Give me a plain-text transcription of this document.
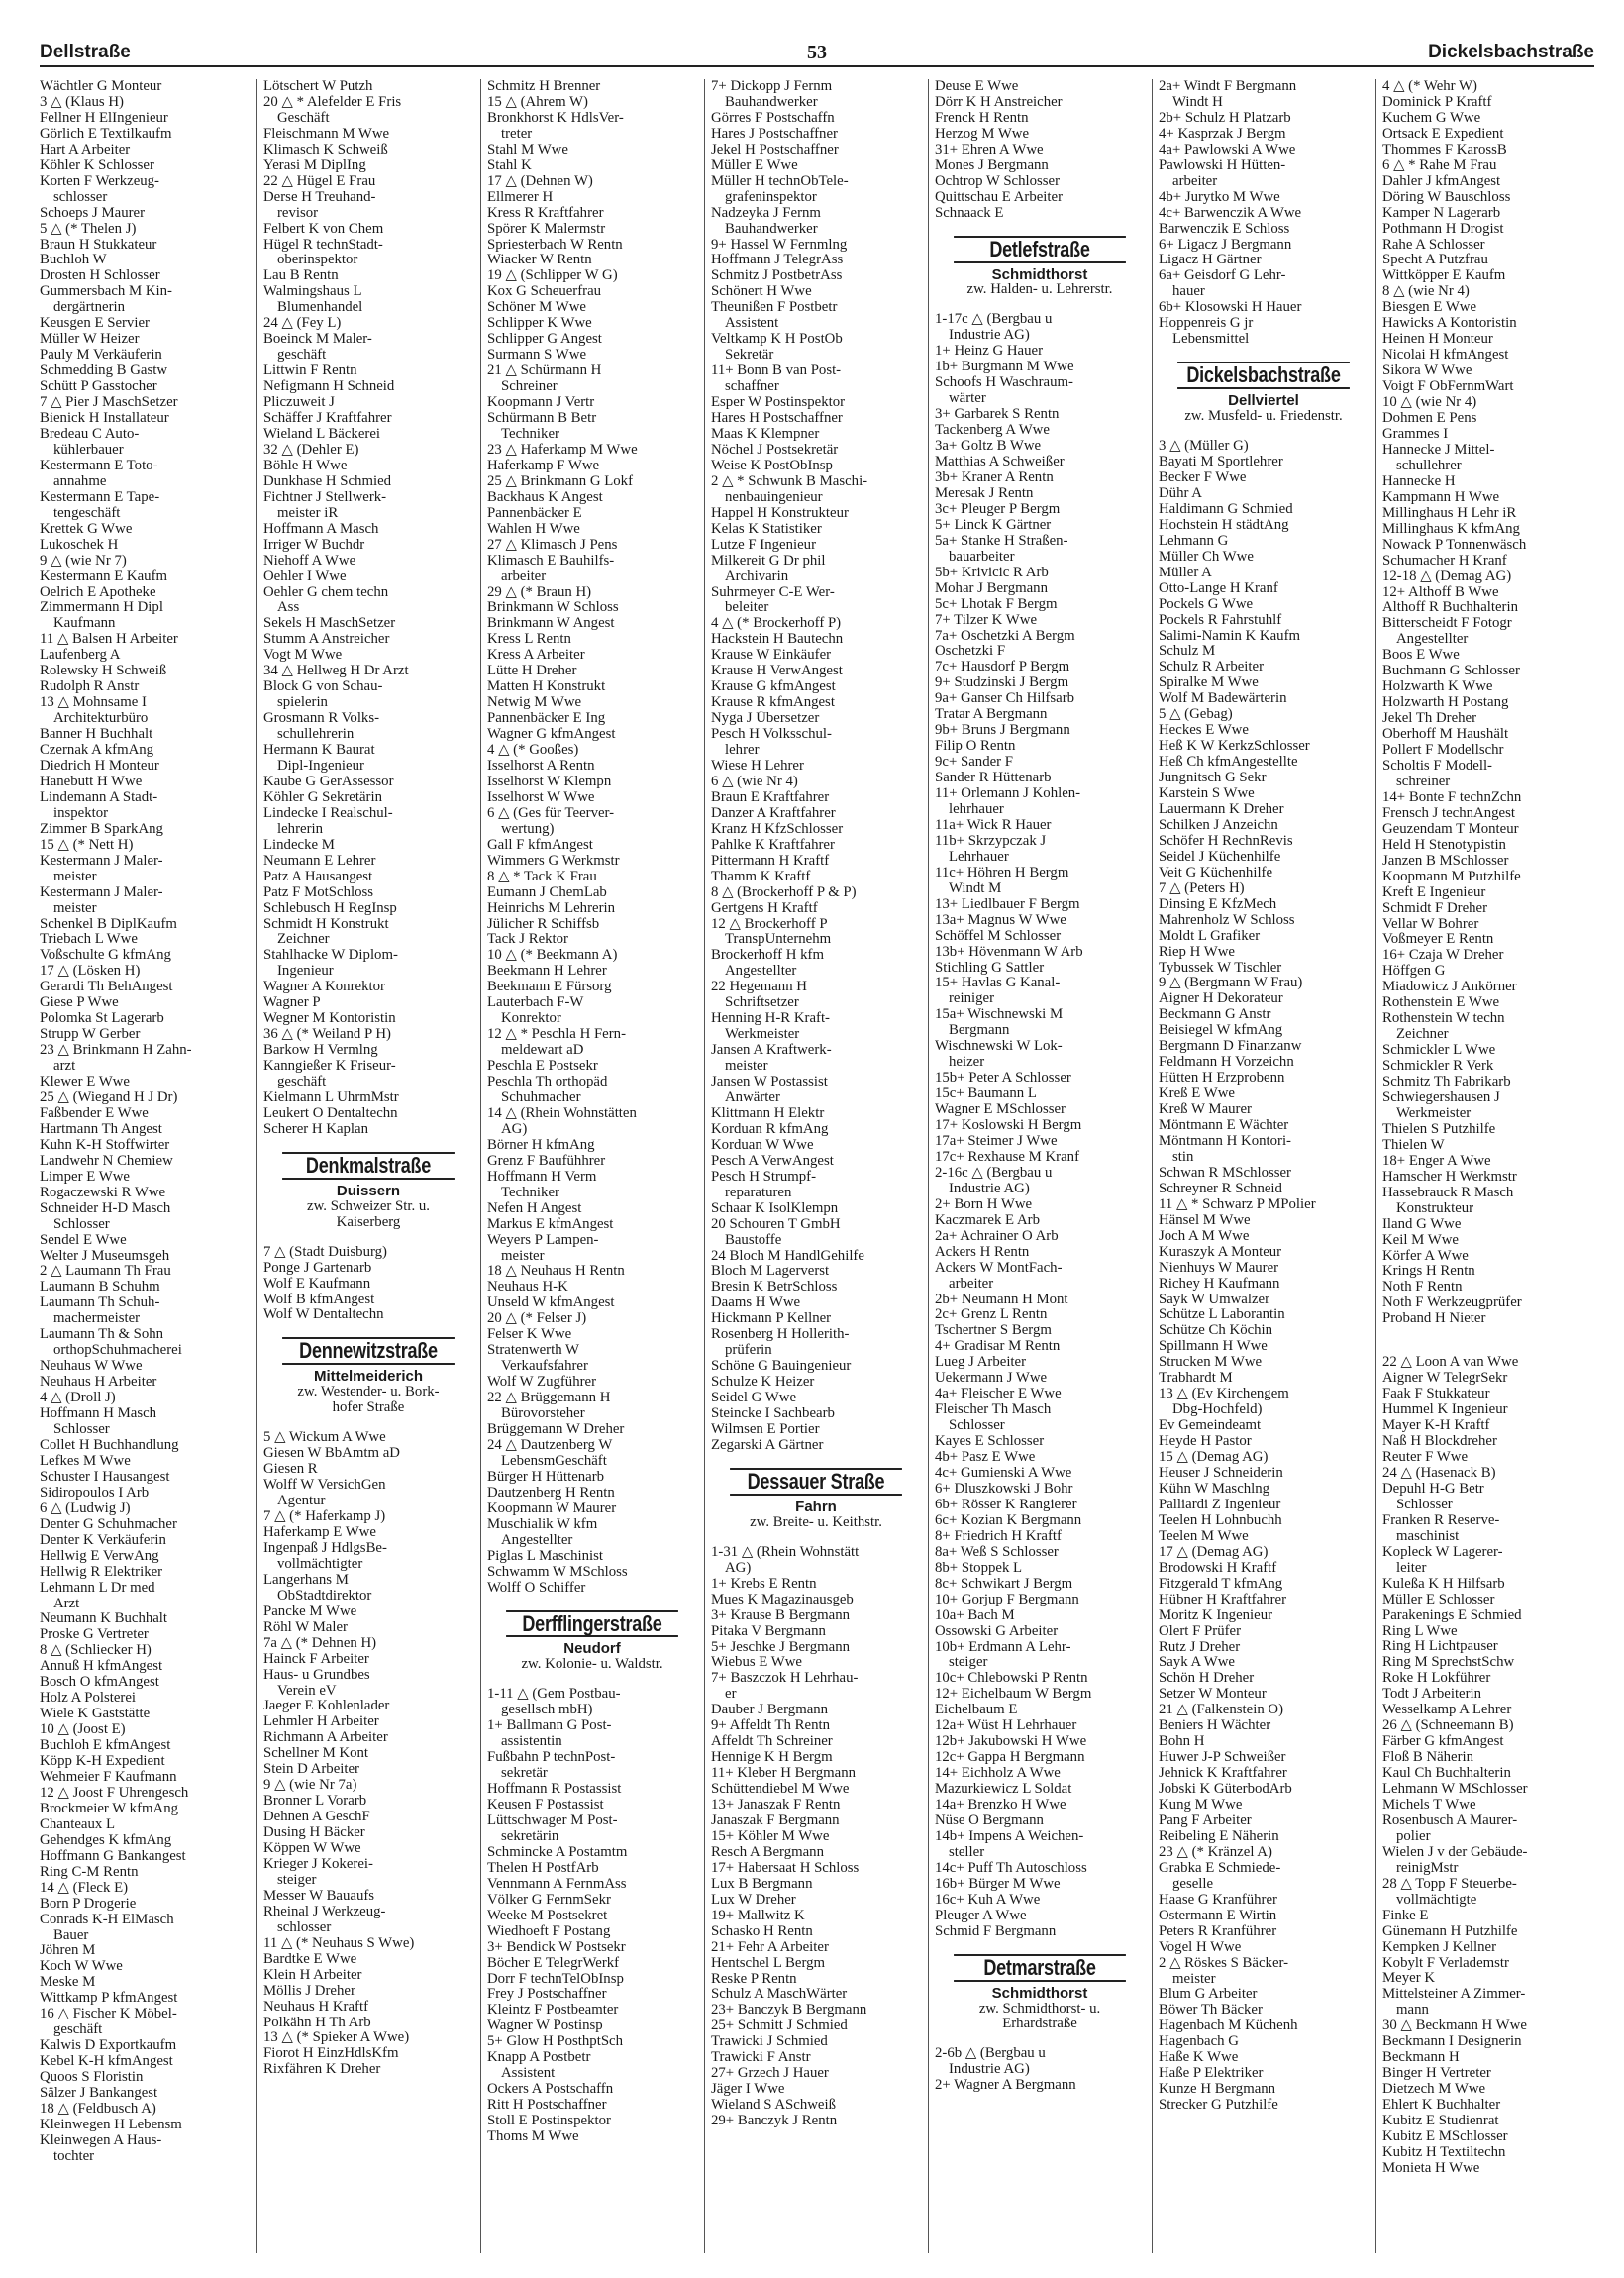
Dellstraße	53	Dickelsbachstraße
Wächtler G Monteur
3 △ (Klaus H)
Fellner H ElIngenieur
Görlich E Textilkaufm
Hart A Arbeiter
Köhler K Schlosser
Korten F Werkzeug-
schlosser
Schoeps J Maurer
5 △ (* Thelen J)
Braun H Stukkateur
Buchloh W
Drosten H Schlosser
Gummersbach M Kin-
dergärtnerin
Keusgen E Servier
Müller W Heizer
Pauly M Verkäuferin
Schmedding B Gastw
Schütt P Gasstocher
7 △ Pier J MaschSetzer
Bienick H Installateur
Bredeau C Auto-
kühlerbauer
Kestermann E Toto-
annahme
Kestermann E Tape-
tengeschäft
Krettek G Wwe
Lukoschek H
9 △ (wie Nr 7)
Kestermann E Kaufm
Oelrich E Apotheke
Zimmermann H Dipl
Kaufmann
11 △ Balsen H Arbeiter
Laufenberg A
Rolewsky H Schweiß
Rudolph R Anstr
13 △ Mohnsame I
Architekturbüro
Banner H Buchhalt
Czernak A kfmAng
Diedrich H Monteur
Hanebutt H Wwe
Lindemann A Stadt-
inspektor
Zimmer B SparkAng
15 △ (* Nett H)
Kestermann J Maler-
meister
Kestermann J Maler-
meister
Schenkel B DiplKaufm
Triebach L Wwe
Voßschulte G kfmAng
17 △ (Lösken H)
Gerardi Th BehAngest
Giese P Wwe
Polomka St Lagerarb
Strupp W Gerber
23 △ Brinkmann H Zahn-
arzt
Klewer E Wwe
25 △ (Wiegand H J Dr)
Faßbender E Wwe
Hartmann Th Angest
Kuhn K-H Stoffwirter
Landwehr N Chemiew
Limper E Wwe
Rogaczewski R Wwe
Schneider H-D Masch
Schlosser
Sendel E Wwe
Welter J Museumsgeh
2 △ Laumann Th Frau
Laumann B Schuhm
Laumann Th Schuh-
machermeister
Laumann Th & Sohn
orthopSchuhmacherei
Neuhaus W Wwe
Neuhaus H Arbeiter
4 △ (Droll J)
Hoffmann H Masch
Schlosser
Collet H Buchhandlung
Lefkes M Wwe
Schuster I Hausangest
Sidiropoulos I Arb
6 △ (Ludwig J)
Denter G Schuhmacher
Denter K Verkäuferin
Hellwig E VerwAng
Hellwig R Elektriker
Lehmann L Dr med
Arzt
Neumann K Buchhalt
Proske G Vertreter
8 △ (Schliecker H)
Annuß H kfmAngest
Bosch O kfmAngest
Holz A Polsterei
Wiele K Gaststätte
10 △ (Joost E)
Buchloh E kfmAngest
Köpp K-H Expedient
Wehmeier F Kaufmann
12 △ Joost F Uhrengesch
Brockmeier W kfmAng
Chanteaux L
Gehendges K kfmAng
Hoffmann G Bankangest
Ring C-M Rentn
14 △ (Fleck E)
Born P Drogerie
Conrads K-H ElMasch
Bauer
Jöhren M
Koch W Wwe
Meske M
Wittkamp P kfmAngest
16 △ Fischer K Möbel-
geschäft
Kalwis D Exportkaufm
Kebel K-H kfmAngest
Quoos S Floristin
Sälzer J Bankangest
18 △ (Feldbusch A)
Kleinwegen H Lebensm
Kleinwegen A Haus-
tochter
Lötschert W Putzh
20 △ * Alefelder E Fris
Geschäft
Fleischmann M Wwe
Klimasch K Schweiß
Yerasi M DiplIng
22 △ Hügel E Frau
Derse H Treuhand-
revisor
Felbert K von Chem
Hügel R technStadt-
oberinspektor
Lau B Rentn
Walmingshaus L
Blumenhandel
24 △ (Fey L)
Boeinck M Maler-
geschäft
Littwin F Rentn
Nefigmann H Schneid
Pliczuweit J
Schäffer J Kraftfahrer
Wieland L Bäckerei
32 △ (Dehler E)
Böhle H Wwe
Dunkhase H Schmied
Fichtner J Stellwerk-
meister iR
Hoffmann A Masch
Irriger W Buchdr
Niehoff A Wwe
Oehler I Wwe
Oehler G chem techn
Ass
Sekels H MaschSetzer
Stumm A Anstreicher
Vogt M Wwe
34 △ Hellweg H Dr Arzt
Block G von Schau-
spielerin
Grosmann R Volks-
schullehrerin
Hermann K Baurat
Dipl-Ingenieur
Kaube G GerAssessor
Köhler G Sekretärin
Lindecke I Realschul-
lehrerin
Lindecke M
Neumann E Lehrer
Patz A Hausangest
Patz F MotSchloss
Schlebusch H RegInsp
Schmidt H Konstrukt
Zeichner
Stahlhacke W Diplom-
Ingenieur
Wagner A Konrektor
Wagner P
Wegner M Kontoristin
36 △ (* Weiland P H)
Barkow H Vermlng
Kanngießer K Friseur-
geschäft
Kielmann L UhrmMstr
Leukert O Dentaltechn
Scherer H Kaplan
Denkmalstraße
Duissern
zw. Schweizer Str. u.
Kaiserberg
7 △ (Stadt Duisburg)
Ponge J Gartenarb
Wolf E Kaufmann
Wolf B kfmAngest
Wolf W Dentaltechn
Dennewitzstraße
Mittelmeiderich
zw. Westender- u. Bork-
hofer Straße
5 △ Wickum A Wwe
Giesen W BbAmtm aD
Giesen R
Wolff W VersichGen
Agentur
7 △ (* Haferkamp J)
Haferkamp E Wwe
Ingenpaß J HdlgsBe-
vollmächtigter
Langerhans M
ObStadtdirektor
Pancke M Wwe
Röhl W Maler
7a △ (* Dehnen H)
Hainck F Arbeiter
Haus- u Grundbes
Verein eV
Jaeger E Kohlenlader
Lehmler H Arbeiter
Richmann A Arbeiter
Schellner M Kont
Stein D Arbeiter
9 △ (wie Nr 7a)
Bronner L Vorarb
Dehnen A GeschF
Dusing H Bäcker
Köppen W Wwe
Krieger J Kokerei-
steiger
Messer W Bauaufs
Rheinal J Werkzeug-
schlosser
11 △ (* Neuhaus S Wwe)
Bardtke E Wwe
Klein H Arbeiter
Möllis J Dreher
Neuhaus H Kraftf
Polkähn H Th Arb
13 △ (* Spieker A Wwe)
Fiorot H EinzHdlsKfm
Rixfähren K Dreher
Schmitz H Brenner
15 △ (Ahrem W)
Bronkhorst K HdlsVer-
treter
Stahl M Wwe
Stahl K
17 △ (Dehnen W)
Ellmerer H
Kress R Kraftfahrer
Spörer K Malermstr
Spriesterbach W Rentn
Wiacker W Rentn
19 △ (Schlipper W G)
Kox G Scheuerfrau
Schöner M Wwe
Schlipper K Wwe
Schlipper G Angest
Surmann S Wwe
21 △ Schürmann H
Schreiner
Koopmann J Vertr
Schürmann B Betr
Techniker
23 △ Haferkamp M Wwe
Haferkamp F Wwe
25 △ Brinkmann G Lokf
Backhaus K Angest
Pannenbäcker E
Wahlen H Wwe
27 △ Klimasch J Pens
Klimasch E Bauhilfs-
arbeiter
29 △ (* Braun H)
Brinkmann W Schloss
Brinkmann W Angest
Kress L Rentn
Kress A Arbeiter
Lütte H Dreher
Matten H Konstrukt
Netwig M Wwe
Pannenbäcker E Ing
Wagner G kfmAngest
4 △ (* Gooßes)
Isselhorst A Rentn
Isselhorst W Klempn
Isselhorst W Wwe
6 △ (Ges für Teerver-
wertung)
Gall F kfmAngest
Wimmers G Werkmstr
8 △ * Tack K Frau
Eumann J ChemLab
Heinrichs M Lehrerin
Jülicher R Schiffsb
Tack J Rektor
10 △ (* Beekmann A)
Beekmann H Lehrer
Beekmann E Fürsorg
Lauterbach F-W
Konrektor
12 △ * Peschla H Fern-
meldewart aD
Peschla E Postsekr
Peschla Th orthopäd
Schuhmacher
14 △ (Rhein Wohnstätten
AG)
Börner H kfmAng
Grenz F Baufühhrer
Hoffmann H Verm
Techniker
Nefen H Angest
Markus E kfmAngest
Weyers P Lampen-
meister
18 △ Neuhaus H Rentn
Neuhaus H-K
Unseld W kfmAngest
20 △ (* Felser J)
Felser K Wwe
Stratenwerth W
Verkaufsfahrer
Wolf W Zugführer
22 △ Brüggemann H
Bürovorsteher
Brüggemann W Dreher
24 △ Dautzenberg W
LebensmGeschäft
Bürger H Hüttenarb
Dautzenberg H Rentn
Koopmann W Maurer
Muschialik W kfm
Angestellter
Piglas L Maschinist
Schwamm W MSchloss
Wolff O Schiffer
Derfflingerstraße
Neudorf
zw. Kolonie- u. Waldstr.
1-11 △ (Gem Postbau-
gesellsch mbH)
1+ Ballmann G Post-
assistentin
Fußbahn P technPost-
sekretär
Hoffmann R Postassist
Keusen F Postassist
Lüttschwager M Post-
sekretärin
Schmincke A Postamtm
Thelen H PostfArb
Vennmann A FernmAss
Völker G FernmSekr
Weeke M Postsekret
Wiedhoeft F Postang
3+ Bendick W Postsekr
Böcher E TelegrWerkf
Dorr F technTelObInsp
Frey J Postschaffner
Kleintz F Postbeamter
Wagner W Postinsp
5+ Glow H PosthptSch
Knapp A Postbetr
Assistent
Ockers A Postschaffn
Ritt H Postschaffner
Stoll E Postinspektor
Thoms M Wwe
7+ Dickopp J Fernm
Bauhandwerker
Görres F Postschaffn
Hares J Postschaffner
Jekel H Postschaffner
Müller E Wwe
Müller H technObTele-
grafeninspektor
Nadzeyka J Fernm
Bauhandwerker
9+ Hassel W Fernmlng
Hoffmann J TelegrAss
Schmitz J PostbetrAss
Schönert H Wwe
Theunißen F Postbetr
Assistent
Veltkamp K H PostOb
Sekretär
11+ Bonn B van Post-
schaffner
Esper W Postinspektor
Hares H Postschaffner
Maas K Klempner
Nöchel J Postsekretär
Weise K PostObInsp
2 △ * Schwunk B Maschi-
nenbauingenieur
Happel H Konstrukteur
Kelas K Statistiker
Lutze F Ingenieur
Milkereit G Dr phil
Archivarin
Suhrmeyer C-E Wer-
beleiter
4 △ (* Brockerhoff P)
Hackstein H Bautechn
Krause W Einkäufer
Krause H VerwAngest
Krause G kfmAngest
Krause R kfmAngest
Nyga J Übersetzer
Pesch H Volksschul-
lehrer
Wiese H Lehrer
6 △ (wie Nr 4)
Braun E Kraftfahrer
Danzer A Kraftfahrer
Kranz H KfzSchlosser
Pahlke K Kraftfahrer
Pittermann H Kraftf
Thamm K Kraftf
8 △ (Brockerhoff P & P)
Gertgens H Kraftf
12 △ Brockerhoff P
TranspUnternehm
Brockerhoff H kfm
Angestellter
22 Hegemann H
Schriftsetzer
Henning H-R Kraft-
Werkmeister
Jansen A Kraftwerk-
meister
Jansen W Postassist
Anwärter
Klittmann H Elektr
Korduan R kfmAng
Korduan W Wwe
Pesch A VerwAngest
Pesch H Strumpf-
reparaturen
Schaar K IsolKlempn
20 Schouren T GmbH
Baustoffe
24 Bloch M HandlGehilfe
Bloch M Lagerverst
Bresin K BetrSchloss
Daams H Wwe
Hickmann P Kellner
Rosenberg H Hollerith-
prüferin
Schöne G Bauingenieur
Schulze K Heizer
Seidel G Wwe
Steincke I Sachbearb
Wilmsen E Portier
Zegarski A Gärtner
Dessauer Straße
Fahrn
zw. Breite- u. Keithstr.
1-31 △ (Rhein Wohnstätt
AG)
1+ Krebs E Rentn
Mues K Magazinausgeb
3+ Krause B Bergmann
Pitaka V Bergmann
5+ Jeschke J Bergmann
Wiebus E Wwe
7+ Baszczok H Lehrhau-
er
Dauber J Bergmann
9+ Affeldt Th Rentn
Affeldt Th Schreiner
Hennige K H Bergm
11+ Kleber H Bergmann
Schüttendiebel M Wwe
13+ Janaszak F Rentn
Janaszak F Bergmann
15+ Köhler M Wwe
Resch A Bergmann
17+ Habersaat H Schloss
Lux B Bergmann
Lux W Dreher
19+ Mallwitz K
Schasko H Rentn
21+ Fehr A Arbeiter
Hentschel L Bergm
Reske P Rentn
Schulz A MaschWärter
23+ Banczyk B Bergmann
25+ Schmitt J Schmied
Trawicki J Schmied
Trawicki F Anstr
27+ Grzech J Hauer
Jäger I Wwe
Wieland S ASchweiß
29+ Banczyk J Rentn
Deuse E Wwe
Dörr K H Anstreicher
Frenck H Rentn
Herzog M Wwe
31+ Ehren A Wwe
Mones J Bergmann
Ochtrop W Schlosser
Quittschau E Arbeiter
Schnaack E
Detlefstraße
Schmidthorst
zw. Halden- u. Lehrerstr.
1-17c △ (Bergbau u
Industrie AG)
1+ Heinz G Hauer
1b+ Burgmann M Wwe
Schoofs H Waschraum-
wärter
3+ Garbarek S Rentn
Tackenberg A Wwe
3a+ Goltz B Wwe
Matthias A Schweißer
3b+ Kraner A Rentn
Meresak J Rentn
3c+ Pleuger P Bergm
5+ Linck K Gärtner
5a+ Stanke H Straßen-
bauarbeiter
5b+ Krivicic R Arb
Mohar J Bergmann
5c+ Lhotak F Bergm
7+ Tilzer K Wwe
7a+ Oschetzki A Bergm
Oschetzki F
7c+ Hausdorf P Bergm
9+ Studzinski J Bergm
9a+ Ganser Ch Hilfsarb
Tratar A Bergmann
9b+ Bruns J Bergmann
Filip O Rentn
9c+ Sander F
Sander R Hüttenarb
11+ Orlemann J Kohlen-
lehrhauer
11a+ Wick R Hauer
11b+ Skrzypczak J
Lehrhauer
11c+ Höhren H Bergm
Windt M
13+ Liedlbauer F Bergm
13a+ Magnus W Wwe
Schöffel M Schlosser
13b+ Hövenmann W Arb
Stichling G Sattler
15+ Havlas G Kanal-
reiniger
15a+ Wischnewski M
Bergmann
Wischnewski W Lok-
heizer
15b+ Peter A Schlosser
15c+ Baumann L
Wagner E MSchlosser
17+ Koslowski H Bergm
17a+ Steimer J Wwe
17c+ Rexhause M Kranf
2-16c △ (Bergbau u
Industrie AG)
2+ Born H Wwe
Kaczmarek E Arb
2a+ Achrainer O Arb
Ackers H Rentn
Ackers W MontFach-
arbeiter
2b+ Neumann H Mont
2c+ Grenz L Rentn
Tschertner S Bergm
4+ Gradisar M Rentn
Lueg J Arbeiter
Uekermann J Wwe
4a+ Fleischer E Wwe
Fleischer Th Masch
Schlosser
Kayes E Schlosser
4b+ Pasz E Wwe
4c+ Gumienski A Wwe
6+ Dluszkowski J Bohr
6b+ Rösser K Rangierer
6c+ Kozian K Bergmann
8+ Friedrich H Kraftf
8a+ Weß S Schlosser
8b+ Stoppek L
8c+ Schwikart J Bergm
10+ Gorjup F Bergmann
10a+ Bach M
Ossowski G Arbeiter
10b+ Erdmann A Lehr-
steiger
10c+ Chlebowski P Rentn
12+ Eichelbaum W Bergm
Eichelbaum E
12a+ Wüst H Lehrhauer
12b+ Jakubowski H Wwe
12c+ Gappa H Bergmann
14+ Eichholz A Wwe
Mazurkiewicz L Soldat
14a+ Brenzko H Wwe
Nüse O Bergmann
14b+ Impens A Weichen-
steller
14c+ Puff Th Autoschloss
16b+ Bürger M Wwe
16c+ Kuh A Wwe
Pleuger A Wwe
Schmid F Bergmann
Detmarstraße
Schmidthorst
zw. Schmidthorst- u.
Erhardstraße
2-6b △ (Bergbau u
Industrie AG)
2+ Wagner A Bergmann
2a+ Windt F Bergmann
Windt H
2b+ Schulz H Platzarb
4+ Kasprzak J Bergm
4a+ Pawlowski A Wwe
Pawlowski H Hütten-
arbeiter
4b+ Jurytko M Wwe
4c+ Barwenczik A Wwe
Barwenczik E Schloss
6+ Ligacz J Bergmann
Ligacz H Gärtner
6a+ Geisdorf G Lehr-
hauer
6b+ Klosowski H Hauer
Hoppenreis G jr
Lebensmittel
Dickelsbachstraße
Dellviertel
zw. Musfeld- u. Friedenstr.
3 △ (Müller G)
Bayati M Sportlehrer
Becker F Wwe
Dühr A
Haldimann G Schmied
Hochstein H städtAng
Lehmann G
Müller Ch Wwe
Müller A
Otto-Lange H Kranf
Pockels G Wwe
Pockels R Fahrstuhlf
Salimi-Namin K Kaufm
Schulz M
Schulz R Arbeiter
Spiralke M Wwe
Wolf M Badewärterin
5 △ (Gebag)
Heckes E Wwe
Heß K W KerkzSchlosser
Heß Ch kfmAngestellte
Jungnitsch G Sekr
Karstein S Wwe
Lauermann K Dreher
Schilken J Anzeichn
Schöfer H RechnRevis
Seidel J Küchenhilfe
Veit G Küchenhilfe
7 △ (Peters H)
Dinsing E KfzMech
Mahrenholz W Schloss
Moldt L Grafiker
Riep H Wwe
Tybussek W Tischler
9 △ (Bergmann W Frau)
Aigner H Dekorateur
Beckmann G Anstr
Beisiegel W kfmAng
Bergmann D Finanzanw
Feldmann H Vorzeichn
Hütten H Erzprobenn
Kreß E Wwe
Kreß W Maurer
Möntmann E Wächter
Möntmann H Kontori-
stin
Schwan R MSchlosser
Schreyner R Schneid
11 △ * Schwarz P MPolier
Hänsel M Wwe
Joch A M Wwe
Kuraszyk A Monteur
Nienhuys W Maurer
Richey H Kaufmann
Sayk W Umwalzer
Schütze L Laborantin
Schütze Ch Köchin
Spillmann H Wwe
Strucken M Wwe
Trabhardt M
13 △ (Ev Kirchengem
Dbg-Hochfeld)
Ev Gemeindeamt
Heyde H Pastor
15 △ (Demag AG)
Heuser J Schneiderin
Kühn W Maschlng
Palliardi Z Ingenieur
Teelen H Lohnbuchh
Teelen M Wwe
17 △ (Demag AG)
Brodowski H Kraftf
Fitzgerald T kfmAng
Hübner H Kraftfahrer
Moritz K Ingenieur
Olert F Prüfer
Rutz J Dreher
Sayk A Wwe
Schön H Dreher
Setzer W Monteur
21 △ (Falkenstein O)
Beniers H Wächter
Bohn H
Huwer J-P Schweißer
Jehnick K Kraftfahrer
Jobski K GüterbodArb
Kung M Wwe
Pang F Arbeiter
Reibeling E Näherin
23 △ (* Kränzel A)
Grabka E Schmiede-
geselle
Haase G Kranführer
Ostermann E Wirtin
Peters R Kranführer
Vogel H Wwe
2 △ Röskes S Bäcker-
meister
Blum G Arbeiter
Böwer Th Bäcker
Hagenbach M Küchenh
Hagenbach G
Haße K Wwe
Haße P Elektriker
Kunze H Bergmann
Strecker G Putzhilfe
4 △ (* Wehr W)
Dominick P Kraftf
Kuchem G Wwe
Ortsack E Expedient
Thommes F KarossB
6 △ * Rahe M Frau
Dahler J kfmAngest
Döring W Bauschloss
Kamper N Lagerarb
Pothmann H Drogist
Rahe A Schlosser
Specht A Putzfrau
Wittköpper E Kaufm
8 △ (wie Nr 4)
Biesgen E Wwe
Hawicks A Kontoristin
Heinen H Monteur
Nicolai H kfmAngest
Sikora W Wwe
Voigt F ObFernmWart
10 △ (wie Nr 4)
Dohmen E Pens
Grammes I
Hannecke J Mittel-
schullehrer
Hannecke H
Kampmann H Wwe
Millinghaus H Lehr iR
Millinghaus K kfmAng
Nowack P Tonnenwäsch
Schumacher H Kranf
12-18 △ (Demag AG)
12+ Althoff B Wwe
Althoff R Buchhalterin
Bitterscheidt F Fotogr
Angestellter
Boos E Wwe
Buchmann G Schlosser
Holzwarth K Wwe
Holzwarth H Postang
Jekel Th Dreher
Oberhoff M Haushält
Pollert F Modellschr
Scholtis F Modell-
schreiner
14+ Bonte F technZchn
Frensch J technAngest
Geuzendam T Monteur
Held H Stenotypistin
Janzen B MSchlosser
Koopmann M Putzhilfe
Kreft E Ingenieur
Schmidt F Dreher
Vellar W Bohrer
Voßmeyer E Rentn
16+ Czaja W Dreher
Höffgen G
Miadowicz J Ankörner
Rothenstein E Wwe
Rothenstein W techn
Zeichner
Schmickler L Wwe
Schmickler R Verk
Schmitz Th Fabrikarb
Schwiegershausen J
Werkmeister
Thielen S Putzhilfe
Thielen W
18+ Enger A Wwe
Hamscher H Werkmstr
Hassebrauck R Masch
Konstrukteur
Iland G Wwe
Keil M Wwe
Körfer A Wwe
Krings H Rentn
Noth F Rentn
Noth F Werkzeugprüfer
Proband H Nieter
22 △ Loon A van Wwe
Aigner W TelegrSekr
Faak F Stukkateur
Hummel K Ingenieur
Mayer K-H Kraftf
Naß H Blockdreher
Reuter F Wwe
24 △ (Hasenack B)
Depuhl H-G Betr
Schlosser
Franken R Reserve-
maschinist
Kopleck W Lagerer-
leiter
Kuleßa K H Hilfsarb
Müller E Schlosser
Parakenings E Schmied
Ring L Wwe
Ring H Lichtpauser
Ring M SprechstSchw
Roke H Lokführer
Todt J Arbeiterin
Wesselkamp A Lehrer
26 △ (Schneemann B)
Färber G kfmAngest
Floß B Näherin
Kaul Ch Buchhalterin
Lehmann W MSchlosser
Michels T Wwe
Rosenbusch A Maurer-
polier
Wielen J v der Gebäude-
reinigMstr
28 △ Topp F Steuerbe-
vollmächtigte
Finke E
Günemann H Putzhilfe
Kempken J Kellner
Kobylt F Verlademstr
Meyer K
Mittelsteiner A Zimmer-
mann
30 △ Beckmann H Wwe
Beckmann I Designerin
Beckmann H
Binger H Vertreter
Dietzech M Wwe
Ehlert K Buchhalter
Kubitz E Studienrat
Kubitz E MSchlosser
Kubitz H Textiltechn
Monieta H Wwe
